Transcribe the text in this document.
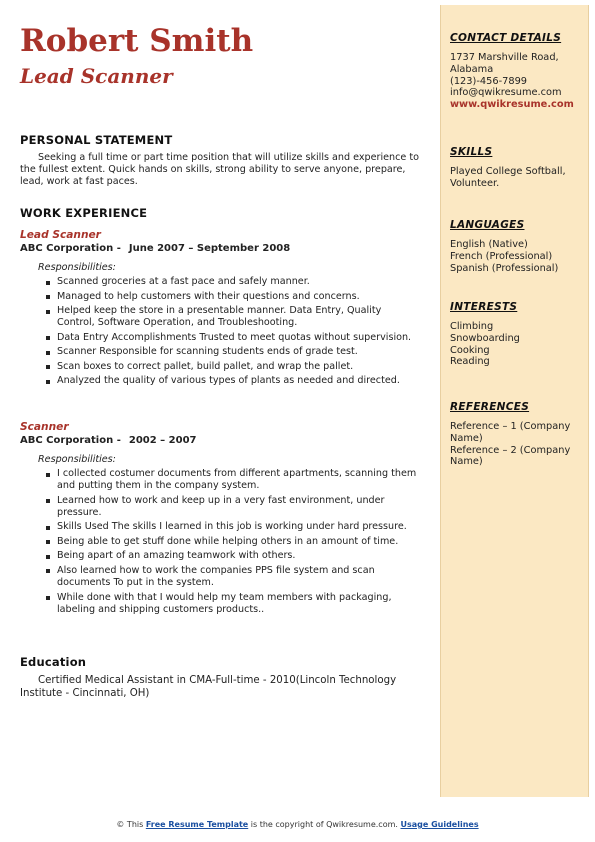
Robert Smith
Lead Scanner
PERSONAL STATEMENT
Seeking a full time or part time position that will utilize skills and experience to the fullest extent. Quick hands on skills, strong ability to serve anyone, prepare, lead, work at fast paces.
WORK EXPERIENCE
Lead Scanner
ABC Corporation - June 2007 – September 2008
Responsibilities:
Scanned groceries at a fast pace and safely manner.
Managed to help customers with their questions and concerns.
Helped keep the store in a presentable manner. Data Entry, Quality Control, Software Operation, and Troubleshooting.
Data Entry Accomplishments Trusted to meet quotas without supervision.
Scanner Responsible for scanning students ends of grade test.
Scan boxes to correct pallet, build pallet, and wrap the pallet.
Analyzed the quality of various types of plants as needed and directed.
Scanner
ABC Corporation - 2002 – 2007
Responsibilities:
I collected costumer documents from different apartments, scanning them and putting them in the company system.
Learned how to work and keep up in a very fast environment, under pressure.
Skills Used The skills I learned in this job is working under hard pressure.
Being able to get stuff done while helping others in an amount of time.
Being apart of an amazing teamwork with others.
Also learned how to work the companies PPS file system and scan documents To put in the system.
While done with that I would help my team members with packaging, labeling and shipping customers products..
Education
Certified Medical Assistant in CMA-Full-time - 2010(Lincoln Technology Institute - Cincinnati, OH)
CONTACT DETAILS
1737 Marshville Road, Alabama
(123)-456-7899
info@qwikresume.com
www.qwikresume.com
SKILLS
Played College Softball, Volunteer.
LANGUAGES
English (Native)
French (Professional)
Spanish (Professional)
INTERESTS
Climbing
Snowboarding
Cooking
Reading
REFERENCES
Reference – 1 (Company Name)
Reference – 2 (Company Name)
© This Free Resume Template is the copyright of Qwikresume.com. Usage Guidelines
